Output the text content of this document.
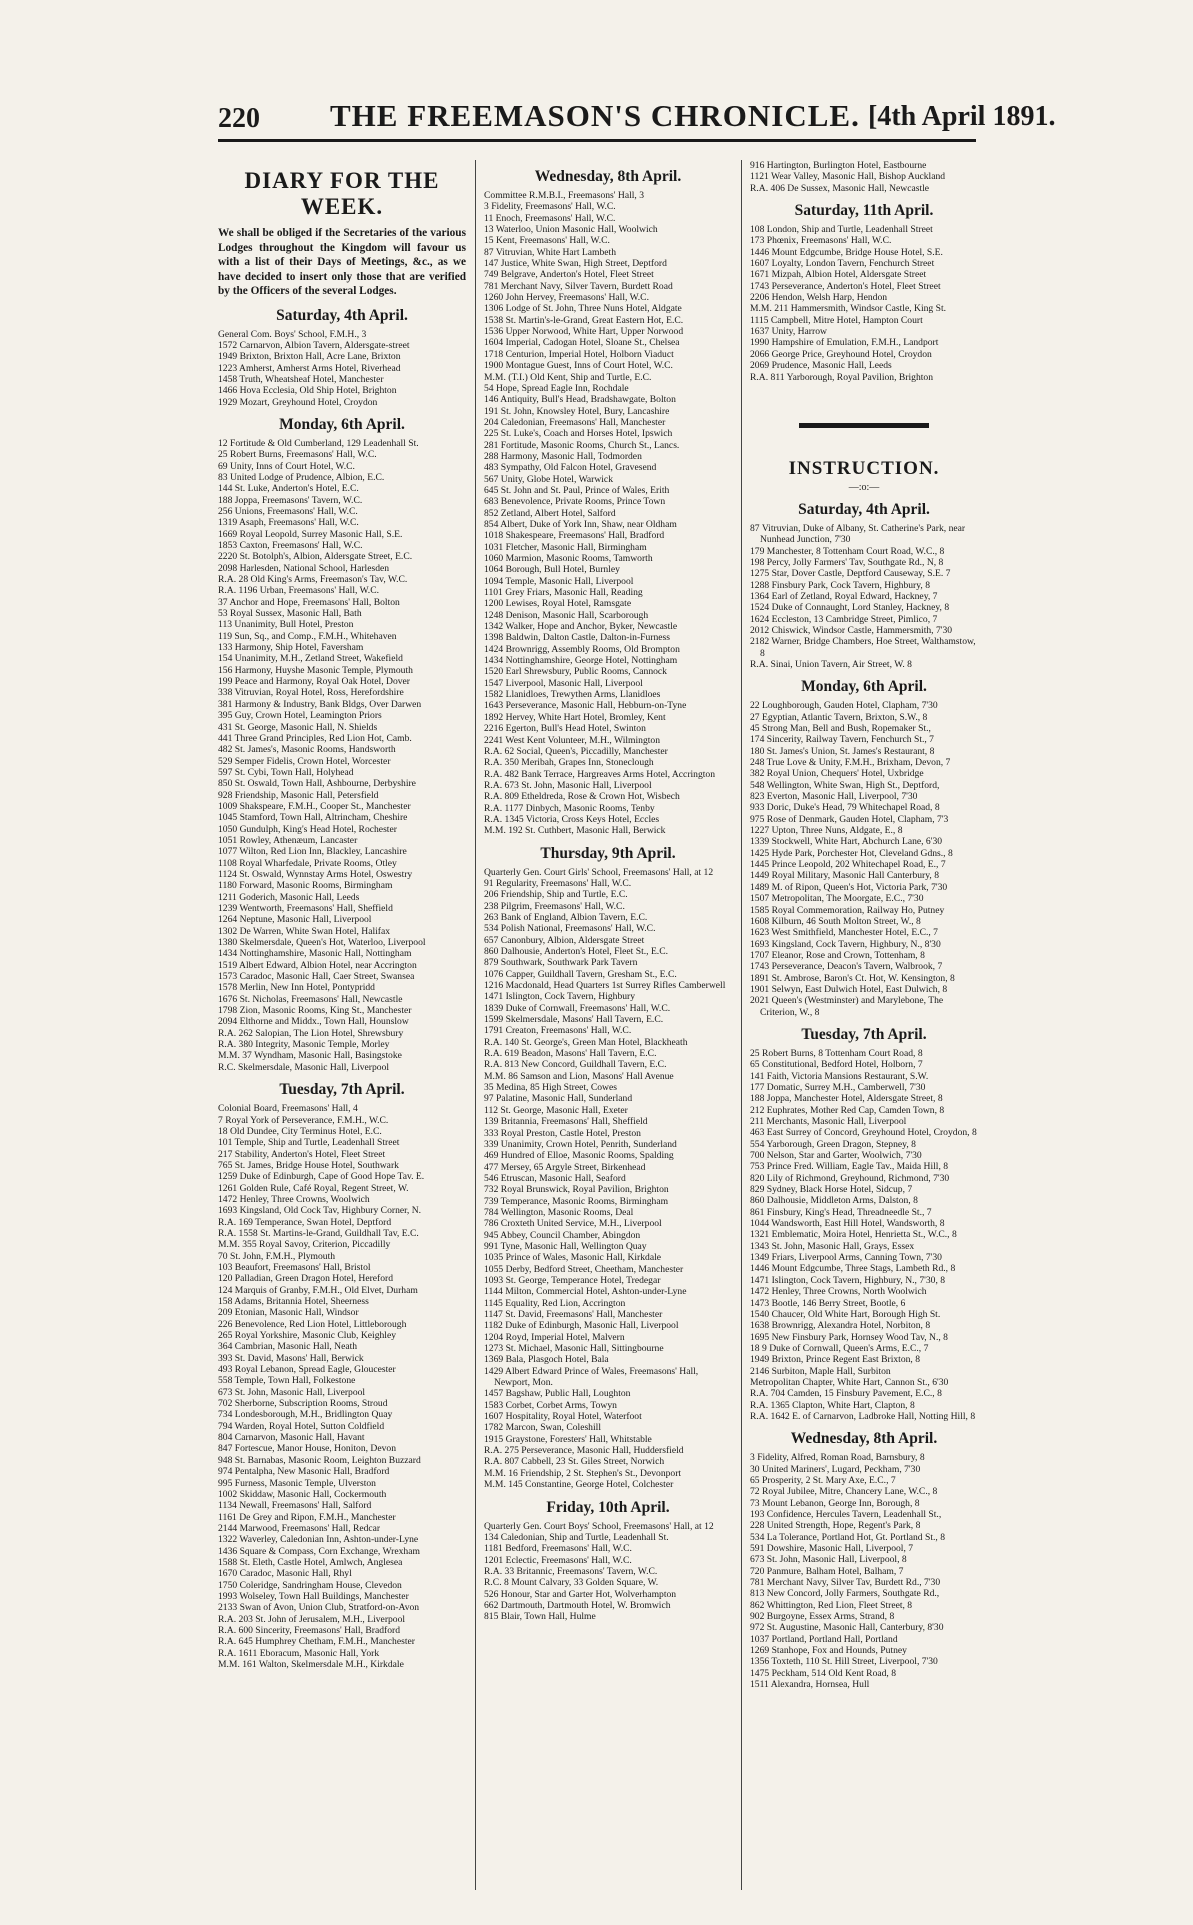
220 THE FREEMASON'S CHRONICLE. [4th April 1891.
DIARY FOR THE WEEK.
We shall be obliged if the Secretaries of the various Lodges throughout the Kingdom will favour us with a list of their Days of Meetings, &c., as we have decided to insert only those that are verified by the Officers of the several Lodges.
Saturday, 4th April.
General Com. Boys' School, F.M.H., 3
1572 Carnarvon, Albion Tavern, Aldersgate-street
1949 Brixton, Brixton Hall, Acre Lane, Brixton
1223 Amherst, Amherst Arms Hotel, Riverhead
1458 Truth, Wheatsheaf Hotel, Manchester
1466 Hova Ecclesia, Old Ship Hotel, Brighton
1929 Mozart, Greyhound Hotel, Croydon
Monday, 6th April.
12 Fortitude & Old Cumberland, 129 Leadenhall St.
25 Robert Burns, Freemasons' Hall, W.C.
69 Unity, Inns of Court Hotel, W.C.
83 United Lodge of Prudence, Albion, E.C.
144 St. Luke, Anderton's Hotel, E.C.
188 Joppa, Freemasons' Tavern, W.C.
256 Unions, Freemasons' Hall, W.C.
1319 Asaph, Freemasons' Hall, W.C.
1669 Royal Leopold, Surrey Masonic Hall, S.E.
1853 Caxton, Freemasons' Hall, W.C.
2220 St. Botolph's, Albion, Aldersgate Street, E.C.
2098 Harlesden, National School, Harlesden
R.A. 28 Old King's Arms, Freemason's Tav, W.C.
R.A. 1196 Urban, Freemasons' Hall, W.C.
37 Anchor and Hope, Freemasons' Hall, Bolton
53 Royal Sussex, Masonic Hall, Bath
113 Unanimity, Bull Hotel, Preston
119 Sun, Sq., and Comp., F.M.H., Whitehaven
133 Harmony, Ship Hotel, Faversham
154 Unanimity, M.H., Zetland Street, Wakefield
156 Harmony, Huyshe Masonic Temple, Plymouth
199 Peace and Harmony, Royal Oak Hotel, Dover
338 Vitruvian, Royal Hotel, Ross, Herefordshire
381 Harmony & Industry, Bank Bldgs, Over Darwen
395 Guy, Crown Hotel, Leamington Priors
431 St. George, Masonic Hall, N. Shields
441 Three Grand Principles, Red Lion Hot, Camb.
482 St. James's, Masonic Rooms, Handsworth
529 Semper Fidelis, Crown Hotel, Worcester
597 St. Cybi, Town Hall, Holyhead
850 St. Oswald, Town Hall, Ashbourne, Derbyshire
928 Friendship, Masonic Hall, Petersfield
1009 Shakspeare, F.M.H., Cooper St., Manchester
1045 Stamford, Town Hall, Altrincham, Cheshire
1050 Gundulph, King's Head Hotel, Rochester
1051 Rowley, Athenæum, Lancaster
1077 Wilton, Red Lion Inn, Blackley, Lancashire
1108 Royal Wharfedale, Private Rooms, Otley
1124 St. Oswald, Wynnstay Arms Hotel, Oswestry
1180 Forward, Masonic Rooms, Birmingham
1211 Goderich, Masonic Hall, Leeds
1239 Wentworth, Freemasons' Hall, Sheffield
1264 Neptune, Masonic Hall, Liverpool
1302 De Warren, White Swan Hotel, Halifax
1380 Skelmersdale, Queen's Hot, Waterloo, Liverpool
1434 Nottinghamshire, Masonic Hall, Nottingham
1519 Albert Edward, Albion Hotel, near Accrington
1573 Caradoc, Masonic Hall, Caer Street, Swansea
1578 Merlin, New Inn Hotel, Pontypridd
1676 St. Nicholas, Freemasons' Hall, Newcastle
1798 Zion, Masonic Rooms, King St., Manchester
2094 Elthorne and Middx., Town Hall, Hounslow
R.A. 262 Salopian, The Lion Hotel, Shrewsbury
R.A. 380 Integrity, Masonic Temple, Morley
M.M. 37 Wyndham, Masonic Hall, Basingstoke
R.C. Skelmersdale, Masonic Hall, Liverpool
Tuesday, 7th April.
Colonial Board, Freemasons' Hall, 4
7 Royal York of Perseverance, F.M.H., W.C.
18 Old Dundee, City Terminus Hotel, E.C.
101 Temple, Ship and Turtle, Leadenhall Street
217 Stability, Anderton's Hotel, Fleet Street
765 St. James, Bridge House Hotel, Southwark
1259 Duke of Edinburgh, Cape of Good Hope Tav. E.
1261 Golden Rule, Café Royal, Regent Street, W.
1472 Henley, Three Crowns, Woolwich
1693 Kingsland, Old Cock Tav, Highbury Corner, N.
R.A. 169 Temperance, Swan Hotel, Deptford
R.A. 1558 St. Martins-le-Grand, Guildhall Tav, E.C.
M.M. 355 Royal Savoy, Criterion, Piccadilly
70 St. John, F.M.H., Plymouth
103 Beaufort, Freemasons' Hall, Bristol
120 Palladian, Green Dragon Hotel, Hereford
124 Marquis of Granby, F.M.H., Old Elvet, Durham
158 Adams, Britannia Hotel, Sheerness
209 Etonian, Masonic Hall, Windsor
226 Benevolence, Red Lion Hotel, Littleborough
265 Royal Yorkshire, Masonic Club, Keighley
364 Cambrian, Masonic Hall, Neath
393 St. David, Masons' Hall, Berwick
493 Royal Lebanon, Spread Eagle, Gloucester
558 Temple, Town Hall, Folkestone
673 St. John, Masonic Hall, Liverpool
702 Sherborne, Subscription Rooms, Stroud
734 Londesborough, M.H., Bridlington Quay
794 Warden, Royal Hotel, Sutton Coldfield
804 Carnarvon, Masonic Hall, Havant
847 Fortescue, Manor House, Honiton, Devon
948 St. Barnabas, Masonic Room, Leighton Buzzard
974 Pentalpha, New Masonic Hall, Bradford
995 Furness, Masonic Temple, Ulverston
1002 Skiddaw, Masonic Hall, Cockermouth
1134 Newall, Freemasons' Hall, Salford
1161 De Grey and Ripon, F.M.H., Manchester
2144 Marwood, Freemasons' Hall, Redcar
1322 Waverley, Caledonian Inn, Ashton-under-Lyne
1436 Square & Compass, Corn Exchange, Wrexham
1588 St. Eleth, Castle Hotel, Amlwch, Anglesea
1670 Caradoc, Masonic Hall, Rhyl
1750 Coleridge, Sandringham House, Clevedon
1993 Wolseley, Town Hall Buildings, Manchester
2133 Swan of Avon, Union Club, Stratford-on-Avon
R.A. 203 St. John of Jerusalem, M.H., Liverpool
R.A. 600 Sincerity, Freemasons' Hall, Bradford
R.A. 645 Humphrey Chetham, F.M.H., Manchester
R.A. 1611 Eboracum, Masonic Hall, York
M.M. 161 Walton, Skelmersdale M.H., Kirkdale
Wednesday, 8th April.
Committee R.M.B.I., Freemasons' Hall, 3
3 Fidelity, Freemasons' Hall, W.C.
11 Enoch, Freemasons' Hall, W.C.
13 Waterloo, Union Masonic Hall, Woolwich
15 Kent, Freemasons' Hall, W.C.
87 Vitruvian, White Hart Lambeth
147 Justice, White Swan, High Street, Deptford
749 Belgrave, Anderton's Hotel, Fleet Street
781 Merchant Navy, Silver Tavern, Burdett Road
1260 John Hervey, Freemasons' Hall, W.C.
1306 Lodge of St. John, Three Nuns Hotel, Aldgate
1538 St. Martin's-le-Grand, Great Eastern Hot, E.C.
1536 Upper Norwood, White Hart, Upper Norwood
1604 Imperial, Cadogan Hotel, Sloane St., Chelsea
1718 Centurion, Imperial Hotel, Holborn Viaduct
1900 Montague Guest, Inns of Court Hotel, W.C.
M.M. (T.I.) Old Kent, Ship and Turtle, E.C.
54 Hope, Spread Eagle Inn, Rochdale
146 Antiquity, Bull's Head, Bradshawgate, Bolton
191 St. John, Knowsley Hotel, Bury, Lancashire
204 Caledonian, Freemasons' Hall, Manchester
225 St. Luke's, Coach and Horses Hotel, Ipswich
281 Fortitude, Masonic Rooms, Church St., Lancs.
288 Harmony, Masonic Hall, Todmorden
483 Sympathy, Old Falcon Hotel, Gravesend
567 Unity, Globe Hotel, Warwick
645 St. John and St. Paul, Prince of Wales, Erith
683 Benevolence, Private Rooms, Prince Town
852 Zetland, Albert Hotel, Salford
854 Albert, Duke of York Inn, Shaw, near Oldham
1018 Shakespeare, Freemasons' Hall, Bradford
1031 Fletcher, Masonic Hall, Birmingham
1060 Marmion, Masonic Rooms, Tamworth
1064 Borough, Bull Hotel, Burnley
1094 Temple, Masonic Hall, Liverpool
1101 Grey Friars, Masonic Hall, Reading
1200 Lewises, Royal Hotel, Ramsgate
1248 Denison, Masonic Hall, Scarborough
1342 Walker, Hope and Anchor, Byker, Newcastle
1398 Baldwin, Dalton Castle, Dalton-in-Furness
1424 Brownrigg, Assembly Rooms, Old Brompton
1434 Nottinghamshire, George Hotel, Nottingham
1520 Earl Shrewsbury, Public Rooms, Cannock
1547 Liverpool, Masonic Hall, Liverpool
1582 Llanidloes, Trewythen Arms, Llanidloes
1643 Perseverance, Masonic Hall, Hebburn-on-Tyne
1892 Hervey, White Hart Hotel, Bromley, Kent
2216 Egerton, Bull's Head Hotel, Swinton
2241 West Kent Volunteer, M.H., Wilmington
R.A. 62 Social, Queen's, Piccadilly, Manchester
R.A. 350 Meribah, Grapes Inn, Stoneclough
R.A. 482 Bank Terrace, Hargreaves Arms Hotel, Accrington
R.A. 673 St. John, Masonic Hall, Liverpool
R.A. 809 Etheldreda, Rose & Crown Hot, Wisbech
R.A. 1177 Dinbych, Masonic Rooms, Tenby
R.A. 1345 Victoria, Cross Keys Hotel, Eccles
M.M. 192 St. Cuthbert, Masonic Hall, Berwick
Thursday, 9th April.
Quarterly Gen. Court Girls' School, Freemasons' Hall, at 12
91 Regularity, Freemasons' Hall, W.C.
206 Friendship, Ship and Turtle, E.C.
238 Pilgrim, Freemasons' Hall, W.C.
263 Bank of England, Albion Tavern, E.C.
534 Polish National, Freemasons' Hall, W.C.
657 Canonbury, Albion, Aldersgate Street
860 Dalhousie, Anderton's Hotel, Fleet St., E.C.
879 Southwark, Southwark Park Tavern
1076 Capper, Guildhall Tavern, Gresham St., E.C.
1216 Macdonald, Head Quarters 1st Surrey Rifles Camberwell
1471 Islington, Cock Tavern, Highbury
1839 Duke of Cornwall, Freemasons' Hall, W.C.
1599 Skelmersdale, Masons' Hall Tavern, E.C.
1791 Creaton, Freemasons' Hall, W.C.
R.A. 140 St. George's, Green Man Hotel, Blackheath
R.A. 619 Beadon, Masons' Hall Tavern, E.C.
R.A. 813 New Concord, Guildhall Tavern, E.C.
M.M. 86 Samson and Lion, Masons' Hall Avenue
35 Medina, 85 High Street, Cowes
97 Palatine, Masonic Hall, Sunderland
112 St. George, Masonic Hall, Exeter
139 Britannia, Freemasons' Hall, Sheffield
333 Royal Preston, Castle Hotel, Preston
339 Unanimity, Crown Hotel, Penrith, Sunderland
469 Hundred of Elloe, Masonic Rooms, Spalding
477 Mersey, 65 Argyle Street, Birkenhead
546 Etruscan, Masonic Hall, Seaford
732 Royal Brunswick, Royal Pavilion, Brighton
739 Temperance, Masonic Rooms, Birmingham
784 Wellington, Masonic Rooms, Deal
786 Croxteth United Service, M.H., Liverpool
945 Abbey, Council Chamber, Abingdon
991 Tyne, Masonic Hall, Wellington Quay
1035 Prince of Wales, Masonic Hall, Kirkdale
1055 Derby, Bedford Street, Cheetham, Manchester
1093 St. George, Temperance Hotel, Tredegar
1144 Milton, Commercial Hotel, Ashton-under-Lyne
1145 Equality, Red Lion, Accrington
1147 St. David, Freemasons' Hall, Manchester
1182 Duke of Edinburgh, Masonic Hall, Liverpool
1204 Royd, Imperial Hotel, Malvern
1273 St. Michael, Masonic Hall, Sittingbourne
1369 Bala, Plasgoch Hotel, Bala
1429 Albert Edward Prince of Wales, Freemasons' Hall, Newport, Mon.
1457 Bagshaw, Public Hall, Loughton
1583 Corbet, Corbet Arms, Towyn
1607 Hospitality, Royal Hotel, Waterfoot
1782 Marcon, Swan, Coleshill
1915 Graystone, Foresters' Hall, Whitstable
R.A. 275 Perseverance, Masonic Hall, Huddersfield
R.A. 807 Cabbell, 23 St. Giles Street, Norwich
M.M. 16 Friendship, 2 St. Stephen's St., Devonport
M.M. 145 Constantine, George Hotel, Colchester
Friday, 10th April.
Quarterly Gen. Court Boys' School, Freemasons' Hall, at 12
134 Caledonian, Ship and Turtle, Leadenhall St.
1181 Bedford, Freemasons' Hall, W.C.
1201 Eclectic, Freemasons' Hall, W.C.
R.A. 33 Britannic, Freemasons' Tavern, W.C.
R.C. 8 Mount Calvary, 33 Golden Square, W.
526 Honour, Star and Garter Hot, Wolverhampton
662 Dartmouth, Dartmouth Hotel, W. Bromwich
815 Blair, Town Hall, Hulme
916 Hartington, Burlington Hotel, Eastbourne
1121 Wear Valley, Masonic Hall, Bishop Auckland
R.A. 406 De Sussex, Masonic Hall, Newcastle
Saturday, 11th April.
108 London, Ship and Turtle, Leadenhall Street
173 Phœnix, Freemasons' Hall, W.C.
1446 Mount Edgcumbe, Bridge House Hotel, S.E.
1607 Loyalty, London Tavern, Fenchurch Street
1671 Mizpah, Albion Hotel, Aldersgate Street
1743 Perseverance, Anderton's Hotel, Fleet Street
2206 Hendon, Welsh Harp, Hendon
M.M. 211 Hammersmith, Windsor Castle, King St.
1115 Campbell, Mitre Hotel, Hampton Court
1637 Unity, Harrow
1990 Hampshire of Emulation, F.M.H., Landport
2066 George Price, Greyhound Hotel, Croydon
2069 Prudence, Masonic Hall, Leeds
R.A. 811 Yarborough, Royal Pavilion, Brighton
INSTRUCTION.
—:o:—
Saturday, 4th April.
87 Vitruvian, Duke of Albany, St. Catherine's Park, near Nunhead Junction, 7'30
179 Manchester, 8 Tottenham Court Road, W.C., 8
198 Percy, Jolly Farmers' Tav, Southgate Rd., N, 8
1275 Star, Dover Castle, Deptford Causeway, S.E. 7
1288 Finsbury Park, Cock Tavern, Highbury, 8
1364 Earl of Zetland, Royal Edward, Hackney, 7
1524 Duke of Connaught, Lord Stanley, Hackney, 8
1624 Eccleston, 13 Cambridge Street, Pimlico, 7
2012 Chiswick, Windsor Castle, Hammersmith, 7'30
2182 Warner, Bridge Chambers, Hoe Street, Walthamstow, 8
R.A. Sinai, Union Tavern, Air Street, W. 8
Monday, 6th April.
22 Loughborough, Gauden Hotel, Clapham, 7'30
27 Egyptian, Atlantic Tavern, Brixton, S.W., 8
45 Strong Man, Bell and Bush, Ropemaker St.,
174 Sincerity, Railway Tavern, Fenchurch St., 7
180 St. James's Union, St. James's Restaurant, 8
248 True Love & Unity, F.M.H., Brixham, Devon, 7
382 Royal Union, Chequers' Hotel, Uxbridge
548 Wellington, White Swan, High St., Deptford,
823 Everton, Masonic Hall, Liverpool, 7'30
933 Doric, Duke's Head, 79 Whitechapel Road, 8
975 Rose of Denmark, Gauden Hotel, Clapham, 7'3
1227 Upton, Three Nuns, Aldgate, E., 8
1339 Stockwell, White Hart, Abchurch Lane, 6'30
1425 Hyde Park, Porchester Hot, Cleveland Gdns., 8
1445 Prince Leopold, 202 Whitechapel Road, E., 7
1449 Royal Military, Masonic Hall Canterbury, 8
1489 M. of Ripon, Queen's Hot, Victoria Park, 7'30
1507 Metropolitan, The Moorgate, E.C., 7'30
1585 Royal Commemoration, Railway Ho, Putney
1608 Kilburn, 46 South Molton Street, W., 8
1623 West Smithfield, Manchester Hotel, E.C., 7
1693 Kingsland, Cock Tavern, Highbury, N., 8'30
1707 Eleanor, Rose and Crown, Tottenham, 8
1743 Perseverance, Deacon's Tavern, Walbrook, 7
1891 St. Ambrose, Baron's Ct. Hot, W. Kensington, 8
1901 Selwyn, East Dulwich Hotel, East Dulwich, 8
2021 Queen's (Westminster) and Marylebone, The Criterion, W., 8
Tuesday, 7th April.
25 Robert Burns, 8 Tottenham Court Road, 8
65 Constitutional, Bedford Hotel, Holborn, 7
141 Faith, Victoria Mansions Restaurant, S.W.
177 Domatic, Surrey M.H., Camberwell, 7'30
188 Joppa, Manchester Hotel, Aldersgate Street, 8
212 Euphrates, Mother Red Cap, Camden Town, 8
211 Merchants, Masonic Hall, Liverpool
463 East Surrey of Concord, Greyhound Hotel, Croydon, 8
554 Yarborough, Green Dragon, Stepney, 8
700 Nelson, Star and Garter, Woolwich, 7'30
753 Prince Fred. William, Eagle Tav., Maida Hill, 8
820 Lily of Richmond, Greyhound, Richmond, 7'30
829 Sydney, Black Horse Hotel, Sidcup, 7
860 Dalhousie, Middleton Arms, Dalston, 8
861 Finsbury, King's Head, Threadneedle St., 7
1044 Wandsworth, East Hill Hotel, Wandsworth, 8
1321 Emblematic, Moira Hotel, Henrietta St., W.C., 8
1343 St. John, Masonic Hall, Grays, Essex
1349 Friars, Liverpool Arms, Canning Town, 7'30
1446 Mount Edgcumbe, Three Stags, Lambeth Rd., 8
1471 Islington, Cock Tavern, Highbury, N., 7'30, 8
1472 Henley, Three Crowns, North Woolwich
1473 Bootle, 146 Berry Street, Bootle, 6
1540 Chaucer, Old White Hart, Borough High St.
1638 Brownrigg, Alexandra Hotel, Norbiton, 8
1695 New Finsbury Park, Hornsey Wood Tav, N., 8
18 9 Duke of Cornwall, Queen's Arms, E.C., 7
1949 Brixton, Prince Regent East Brixton, 8
2146 Surbiton, Maple Hall, Surbiton
Metropolitan Chapter, White Hart, Cannon St., 6'30
R.A. 704 Camden, 15 Finsbury Pavement, E.C., 8
R.A. 1365 Clapton, White Hart, Clapton, 8
R.A. 1642 E. of Carnarvon, Ladbroke Hall, Notting Hill, 8
Wednesday, 8th April.
3 Fidelity, Alfred, Roman Road, Barnsbury, 8
30 United Mariners', Lugard, Peckham, 7'30
65 Prosperity, 2 St. Mary Axe, E.C., 7
72 Royal Jubilee, Mitre, Chancery Lane, W.C., 8
73 Mount Lebanon, George Inn, Borough, 8
193 Confidence, Hercules Tavern, Leadenhall St.,
228 United Strength, Hope, Regent's Park, 8
534 La Tolerance, Portland Hot, Gt. Portland St., 8
591 Dowshire, Masonic Hall, Liverpool, 7
673 St. John, Masonic Hall, Liverpool, 8
720 Panmure, Balham Hotel, Balham, 7
781 Merchant Navy, Silver Tav, Burdett Rd., 7'30
813 New Concord, Jolly Farmers, Southgate Rd.,
862 Whittington, Red Lion, Fleet Street, 8
902 Burgoyne, Essex Arms, Strand, 8
972 St. Augustine, Masonic Hall, Canterbury, 8'30
1037 Portland, Portland Hall, Portland
1269 Stanhope, Fox and Hounds, Putney
1356 Toxteth, 110 St. Hill Street, Liverpool, 7'30
1475 Peckham, 514 Old Kent Road, 8
1511 Alexandra, Hornsea, Hull
